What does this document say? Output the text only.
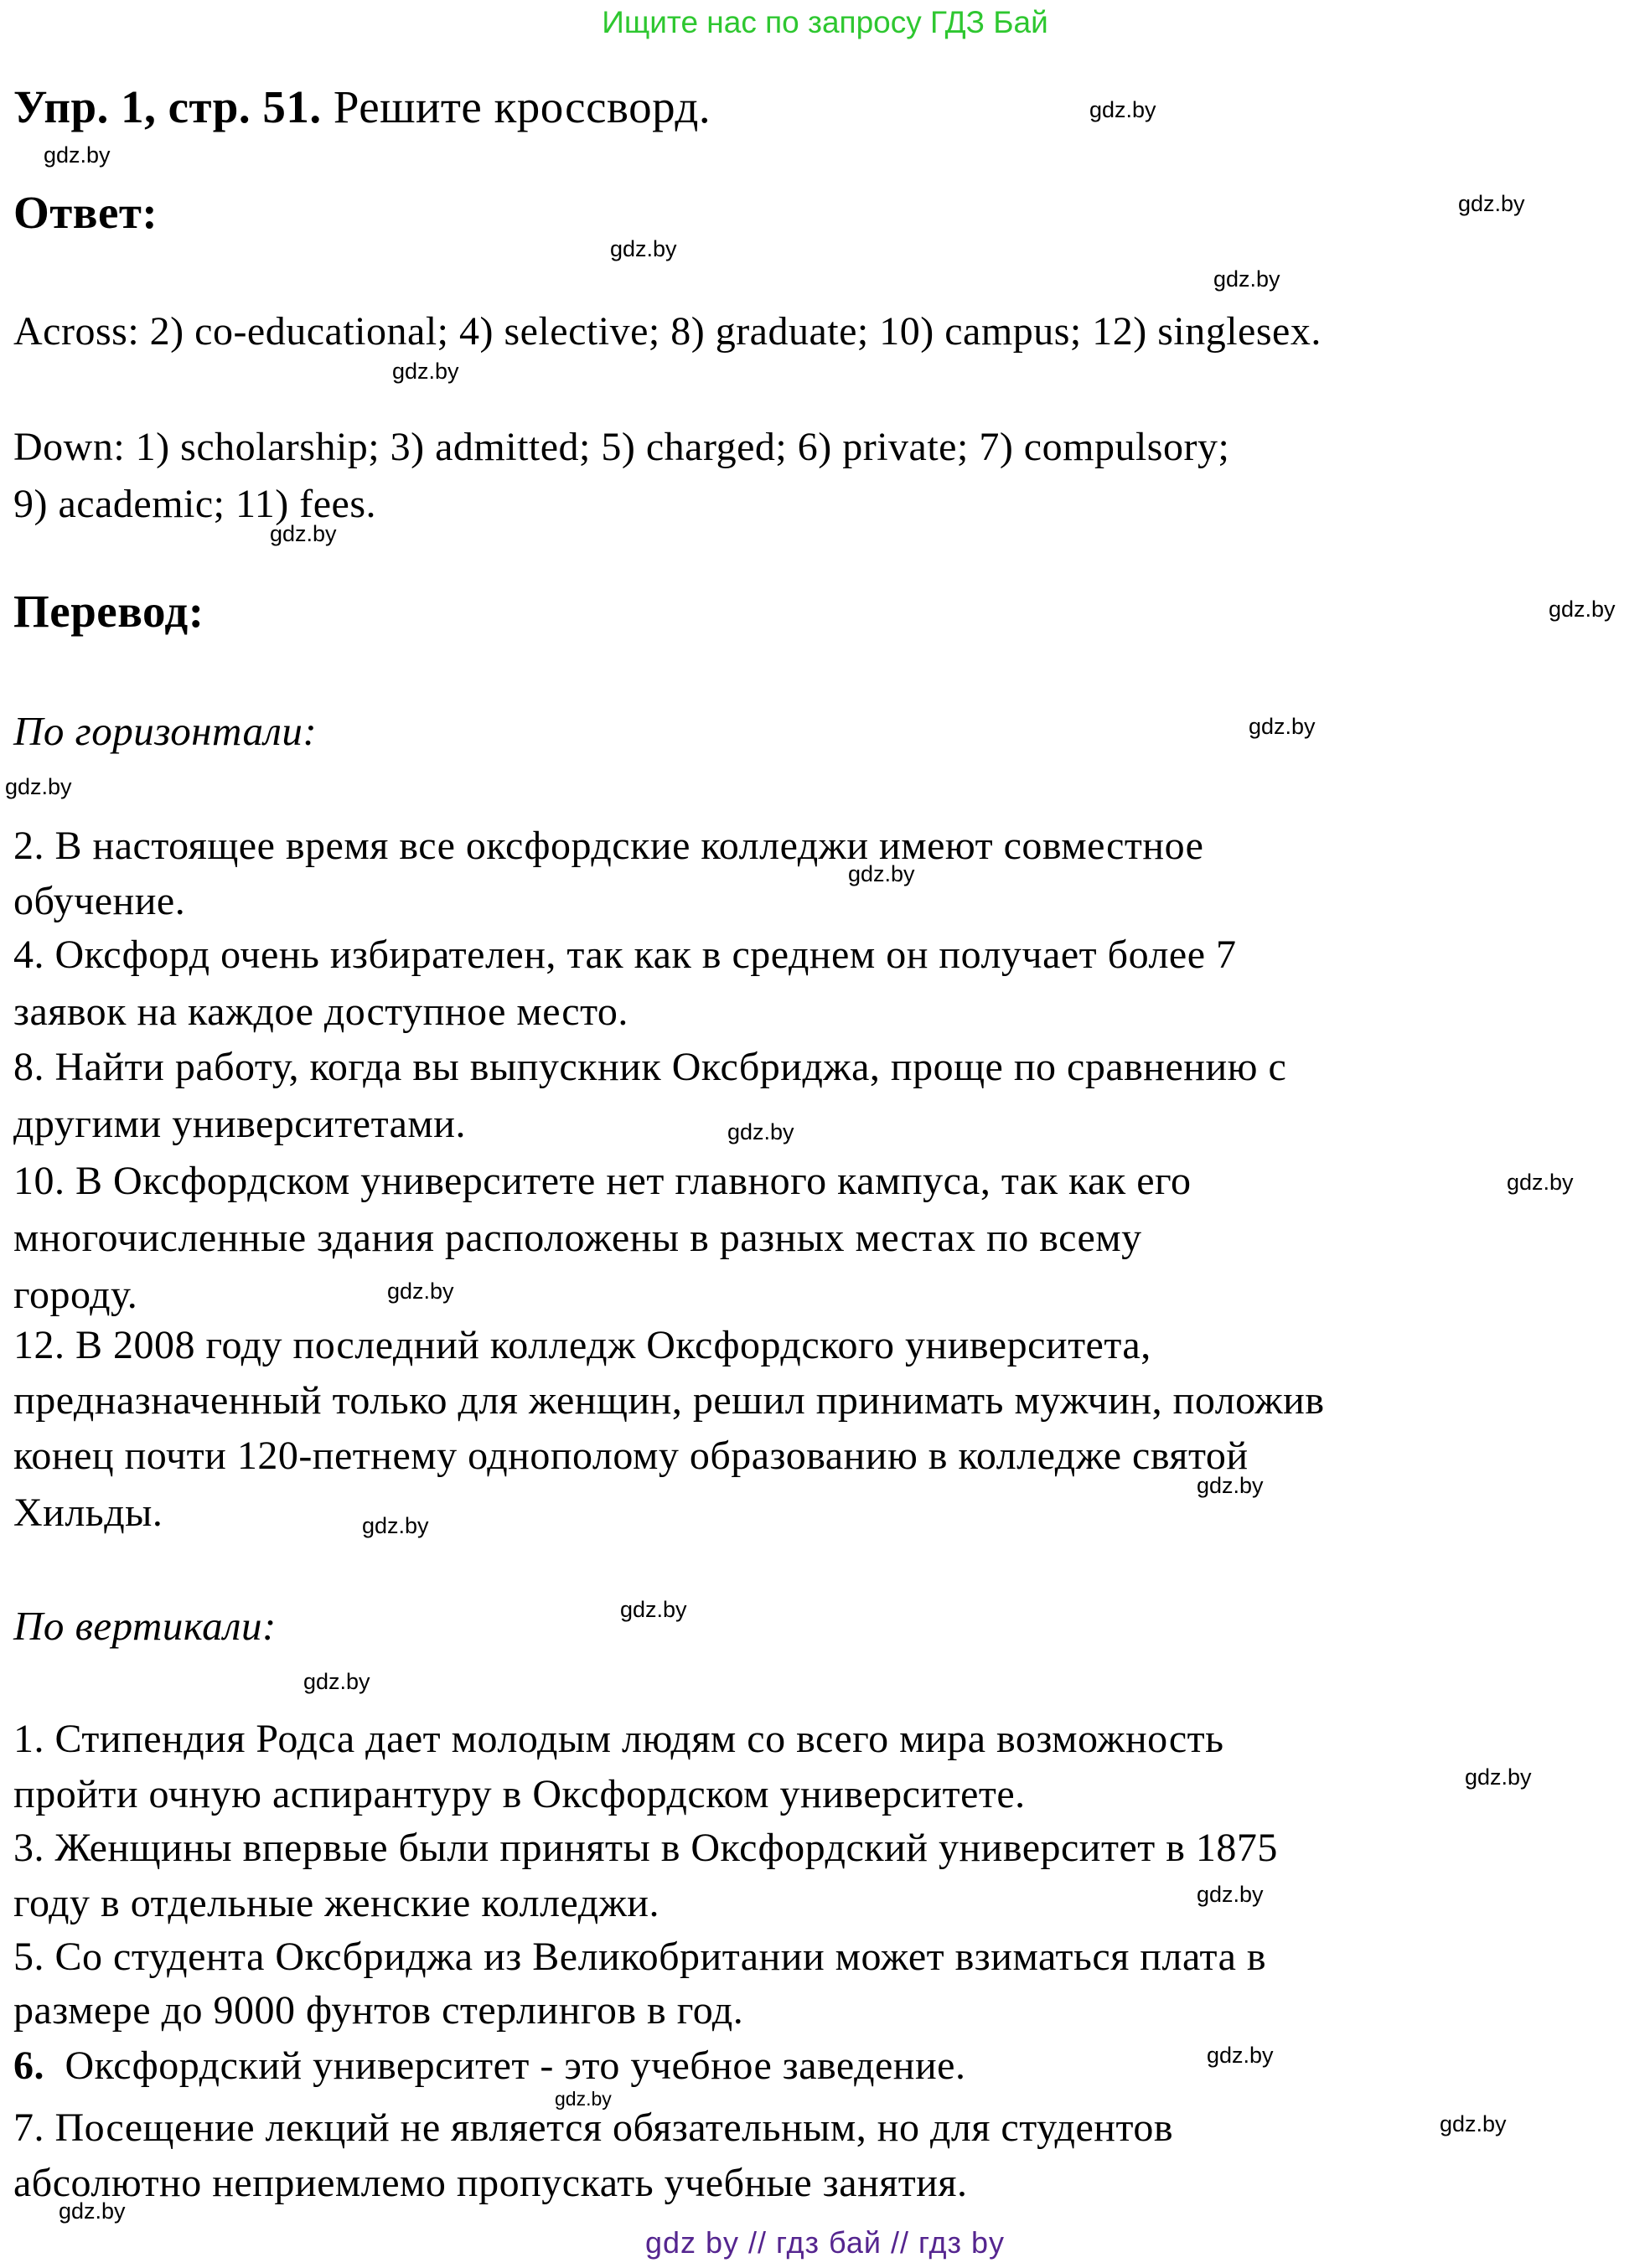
Ищите нас по запросу ГДЗ Бай
Упр. 1, стр. 51. Решите кроссворд.
Ответ:
Across: 2) co-educational; 4) selective; 8) graduate; 10) campus; 12) singlesex.
Down: 1) scholarship; 3) admitted; 5) charged; 6) private; 7) compulsory;
9) academic; 11) fees.
Перевод:
По горизонтали:
2. В настоящее время все оксфордские колледжи имеют совместное
обучение.
4. Оксфорд очень избирателен, так как в среднем он получает более 7
заявок на каждое доступное место.
8. Найти работу, когда вы выпускник Оксбриджа, проще по сравнению с
другими университетами.
10. В Оксфордском университете нет главного кампуса, так как его
многочисленные здания расположены в разных местах по всему
городу.
12. В 2008 году последний колледж Оксфордского университета,
предназначенный только для женщин, решил принимать мужчин, положив
конец почти 120-петнему однополому образованию в колледже святой
Хильды.
По вертикали:
1. Стипендия Родса дает молодым людям со всего мира возможность
пройти очную аспирантуру в Оксфордском университете.
3. Женщины впервые были приняты в Оксфордский университет в 1875
году в отдельные женские колледжи.
5. Со студента Оксбриджа из Великобритании может взиматься плата в
размере до 9000 фунтов стерлингов в год.
6. Оксфордский университет - это учебное заведение.
7. Посещение лекций не является обязательным, но для студентов
абсолютно неприемлемо пропускать учебные занятия.
gdz.by
gdz.by
gdz.by
gdz.by
gdz.by
gdz.by
gdz.by
gdz.by
gdz.by
gdz.by
gdz.by
gdz.by
gdz.by
gdz.by
gdz.by
gdz.by
gdz.by
gdz.by
gdz.by
gdz.by
gdz.by
gdz.by
gdz.by
gdz.by
gdz by // гдз бай // гдз by
